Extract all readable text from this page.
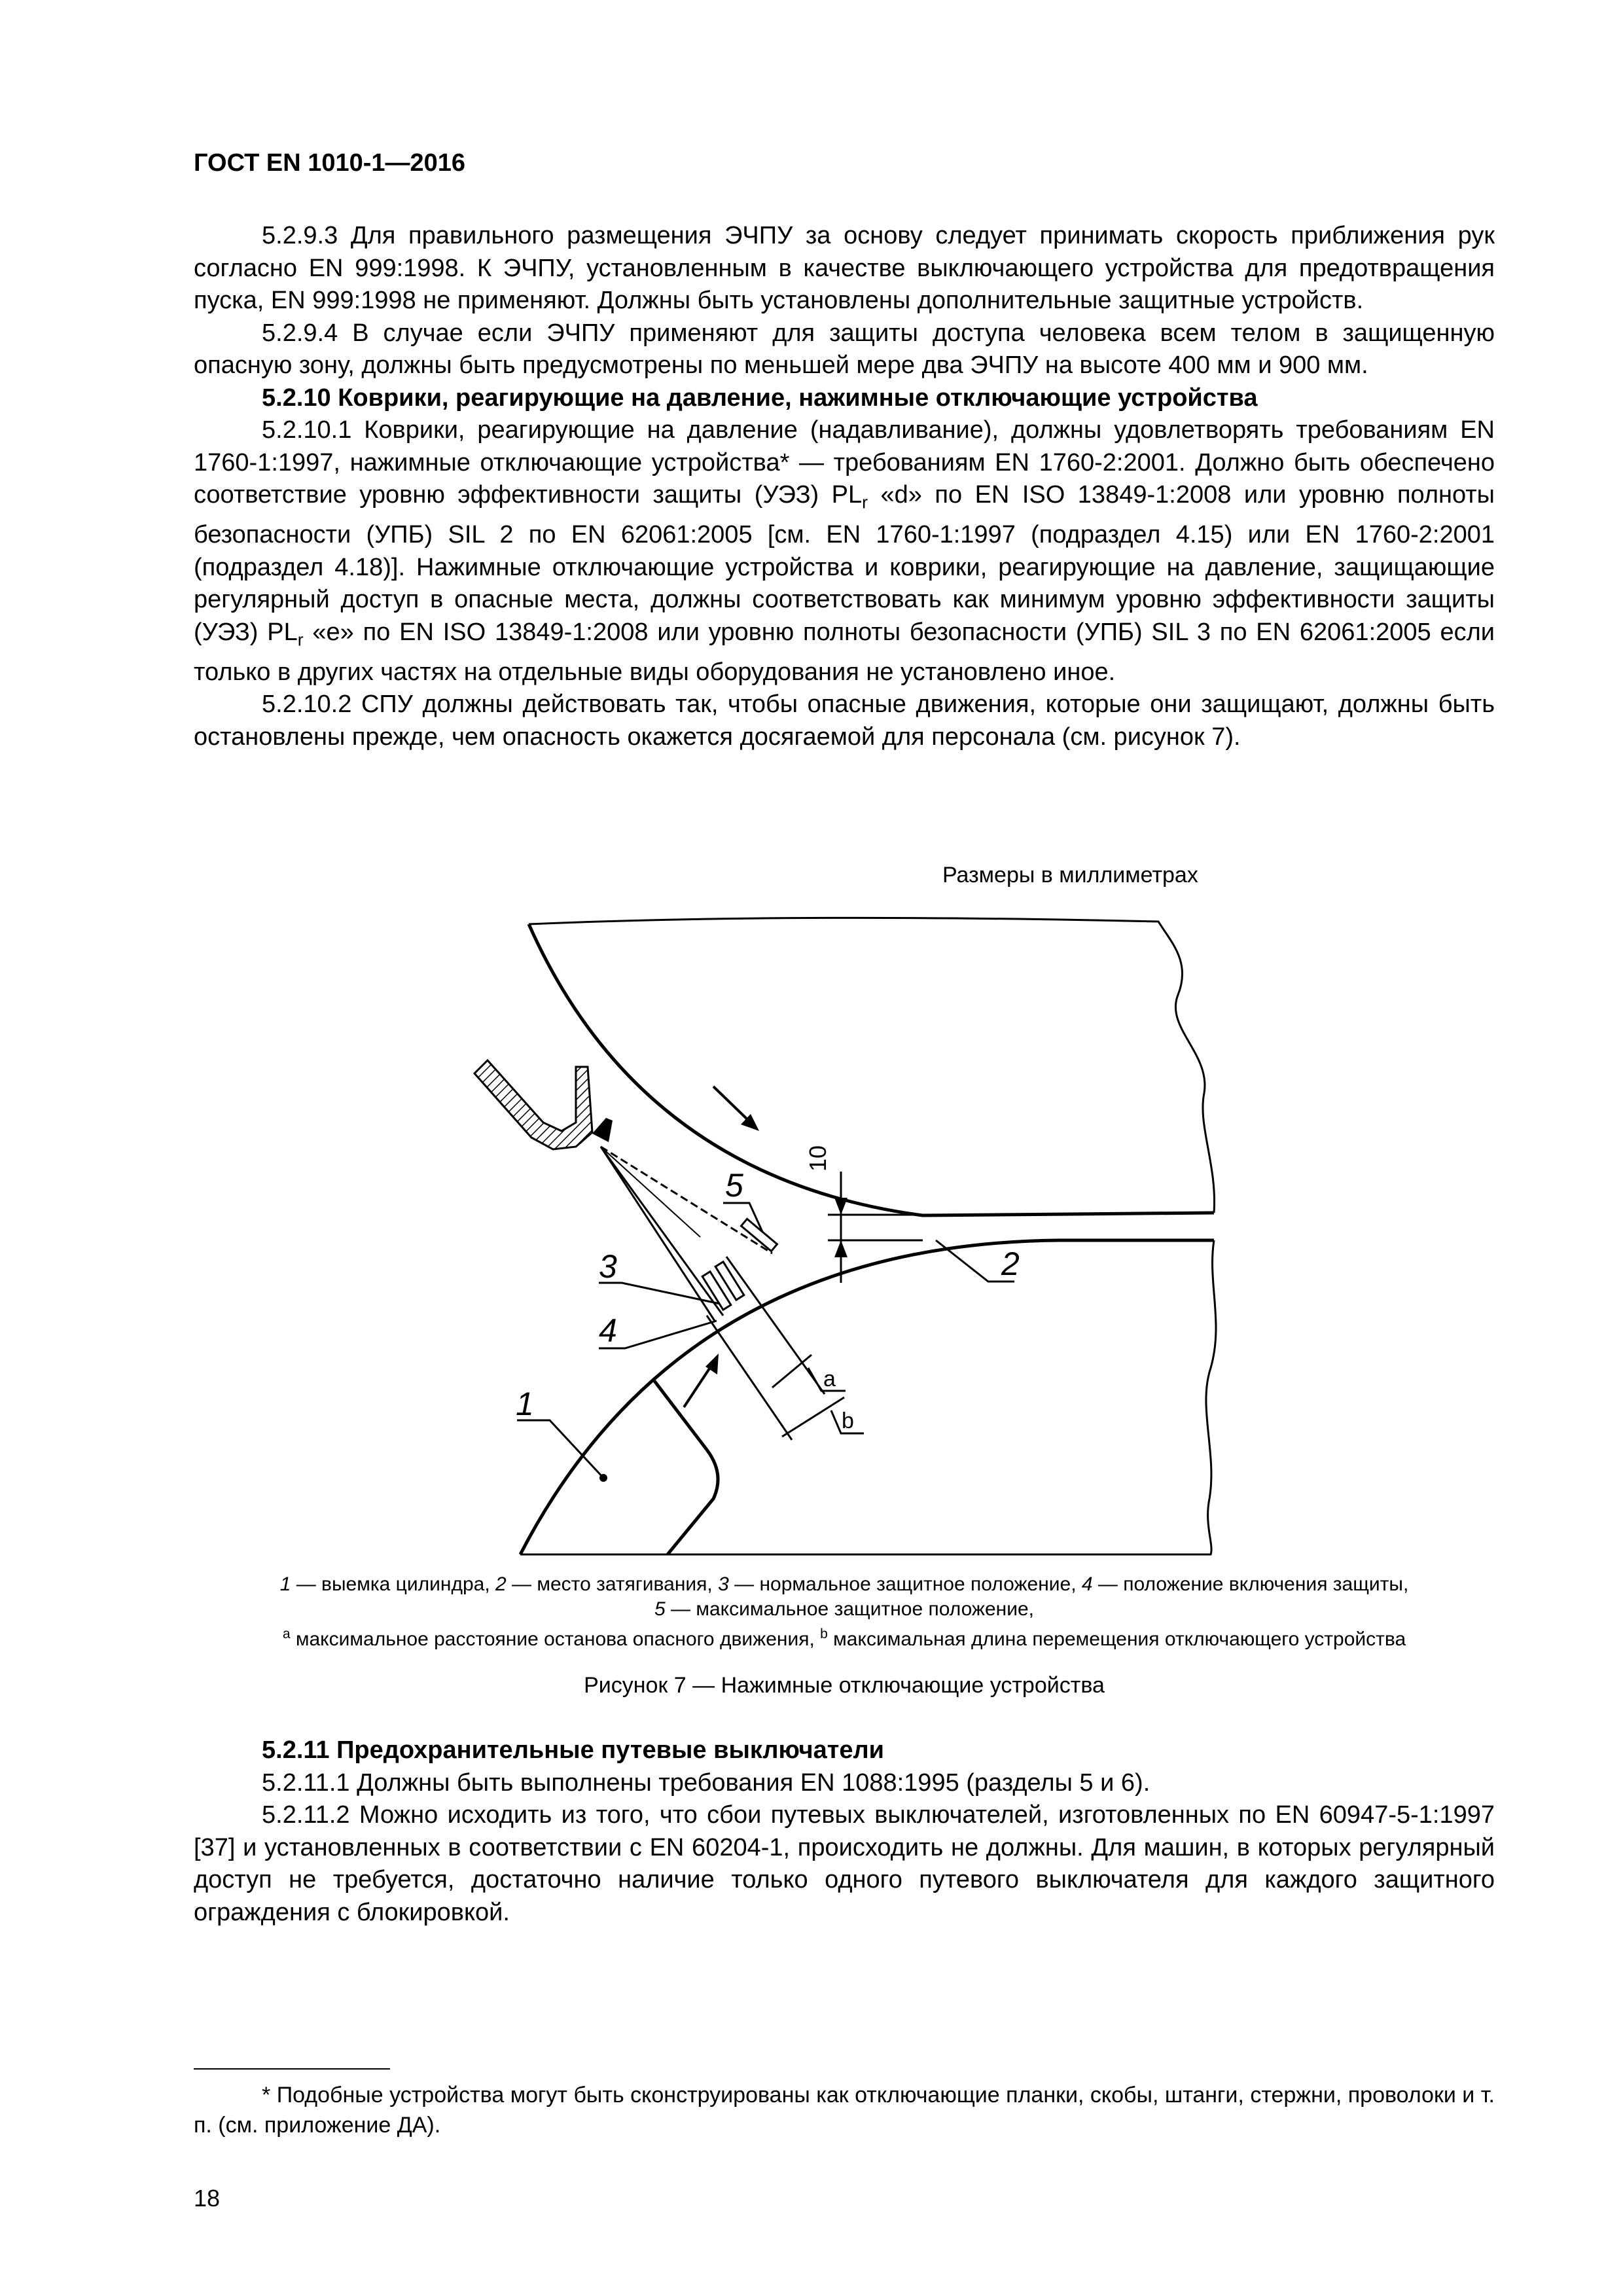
ГОСТ EN 1010-1—2016

5.2.9.3 Для правильного размещения ЭЧПУ за основу следует принимать скорость приближения рук согласно EN 999:1998. К ЭЧПУ, установленным в качестве выключающего устройства для предотвращения пуска, EN 999:1998 не применяют. Должны быть установлены дополнительные защитные устройств.

5.2.9.4 В случае если ЭЧПУ применяют для защиты доступа человека всем телом в защищенную опасную зону, должны быть предусмотрены по меньшей мере два ЭЧПУ на высоте 400 мм и 900 мм.

5.2.10 Коврики, реагирующие на давление, нажимные отключающие устройства

5.2.10.1 Коврики, реагирующие на давление (надавливание), должны удовлетворять требованиям EN 1760-1:1997, нажимные отключающие устройства* — требованиям EN 1760-2:2001. Должно быть обеспечено соответствие уровню эффективности защиты (УЭЗ) $PL_r$ «d» по EN ISO 13849-1:2008 или уровню полноты безопасности (УПБ) SIL 2 по EN 62061:2005 [см. EN 1760-1:1997 (подраздел 4.15) или EN 1760-2:2001 (подраздел 4.18)]. Нажимные отключающие устройства и коврики, реагирующие на давление, защищающие регулярный доступ в опасные места, должны соответствовать как минимум уровню эффективности защиты (УЭЗ) $PL_r$ «е» по EN ISO 13849-1:2008 или уровню полноты безопасности (УПБ) SIL 3 по EN 62061:2005 если только в других частях на отдельные виды оборудования не установлено иное.

5.2.10.2 СПУ должны действовать так, чтобы опасные движения, которые они защищают, должны быть остановлены прежде, чем опасность окажется досягаемой для персонала (см. рисунок 7).

Размеры в миллиметрах
10
a
b
1
2
3
4
5
1 — выемка цилиндра, 2 — место затягивания, 3 — нормальное защитное положение, 4 — положение включения защиты,
5 — максимальное защитное положение,
$^a$ максимальное расстояние останова опасного движения, $^b$ максимальная длина перемещения отключающего устройства
Рисунок 7 — Нажимные отключающие устройства

5.2.11 Предохранительные путевые выключатели

5.2.11.1 Должны быть выполнены требования EN 1088:1995 (разделы 5 и 6).

5.2.11.2 Можно исходить из того, что сбои путевых выключателей, изготовленных по EN 60947-5-1:1997 [37] и установленных в соответствии с EN 60204-1, происходить не должны. Для машин, в которых регулярный доступ не требуется, достаточно наличие только одного путевого выключателя для каждого защитного ограждения с блокировкой.

* Подобные устройства могут быть сконструированы как отключающие планки, скобы, штанги, стержни, проволоки и т. п. (см. приложение ДА).
18
